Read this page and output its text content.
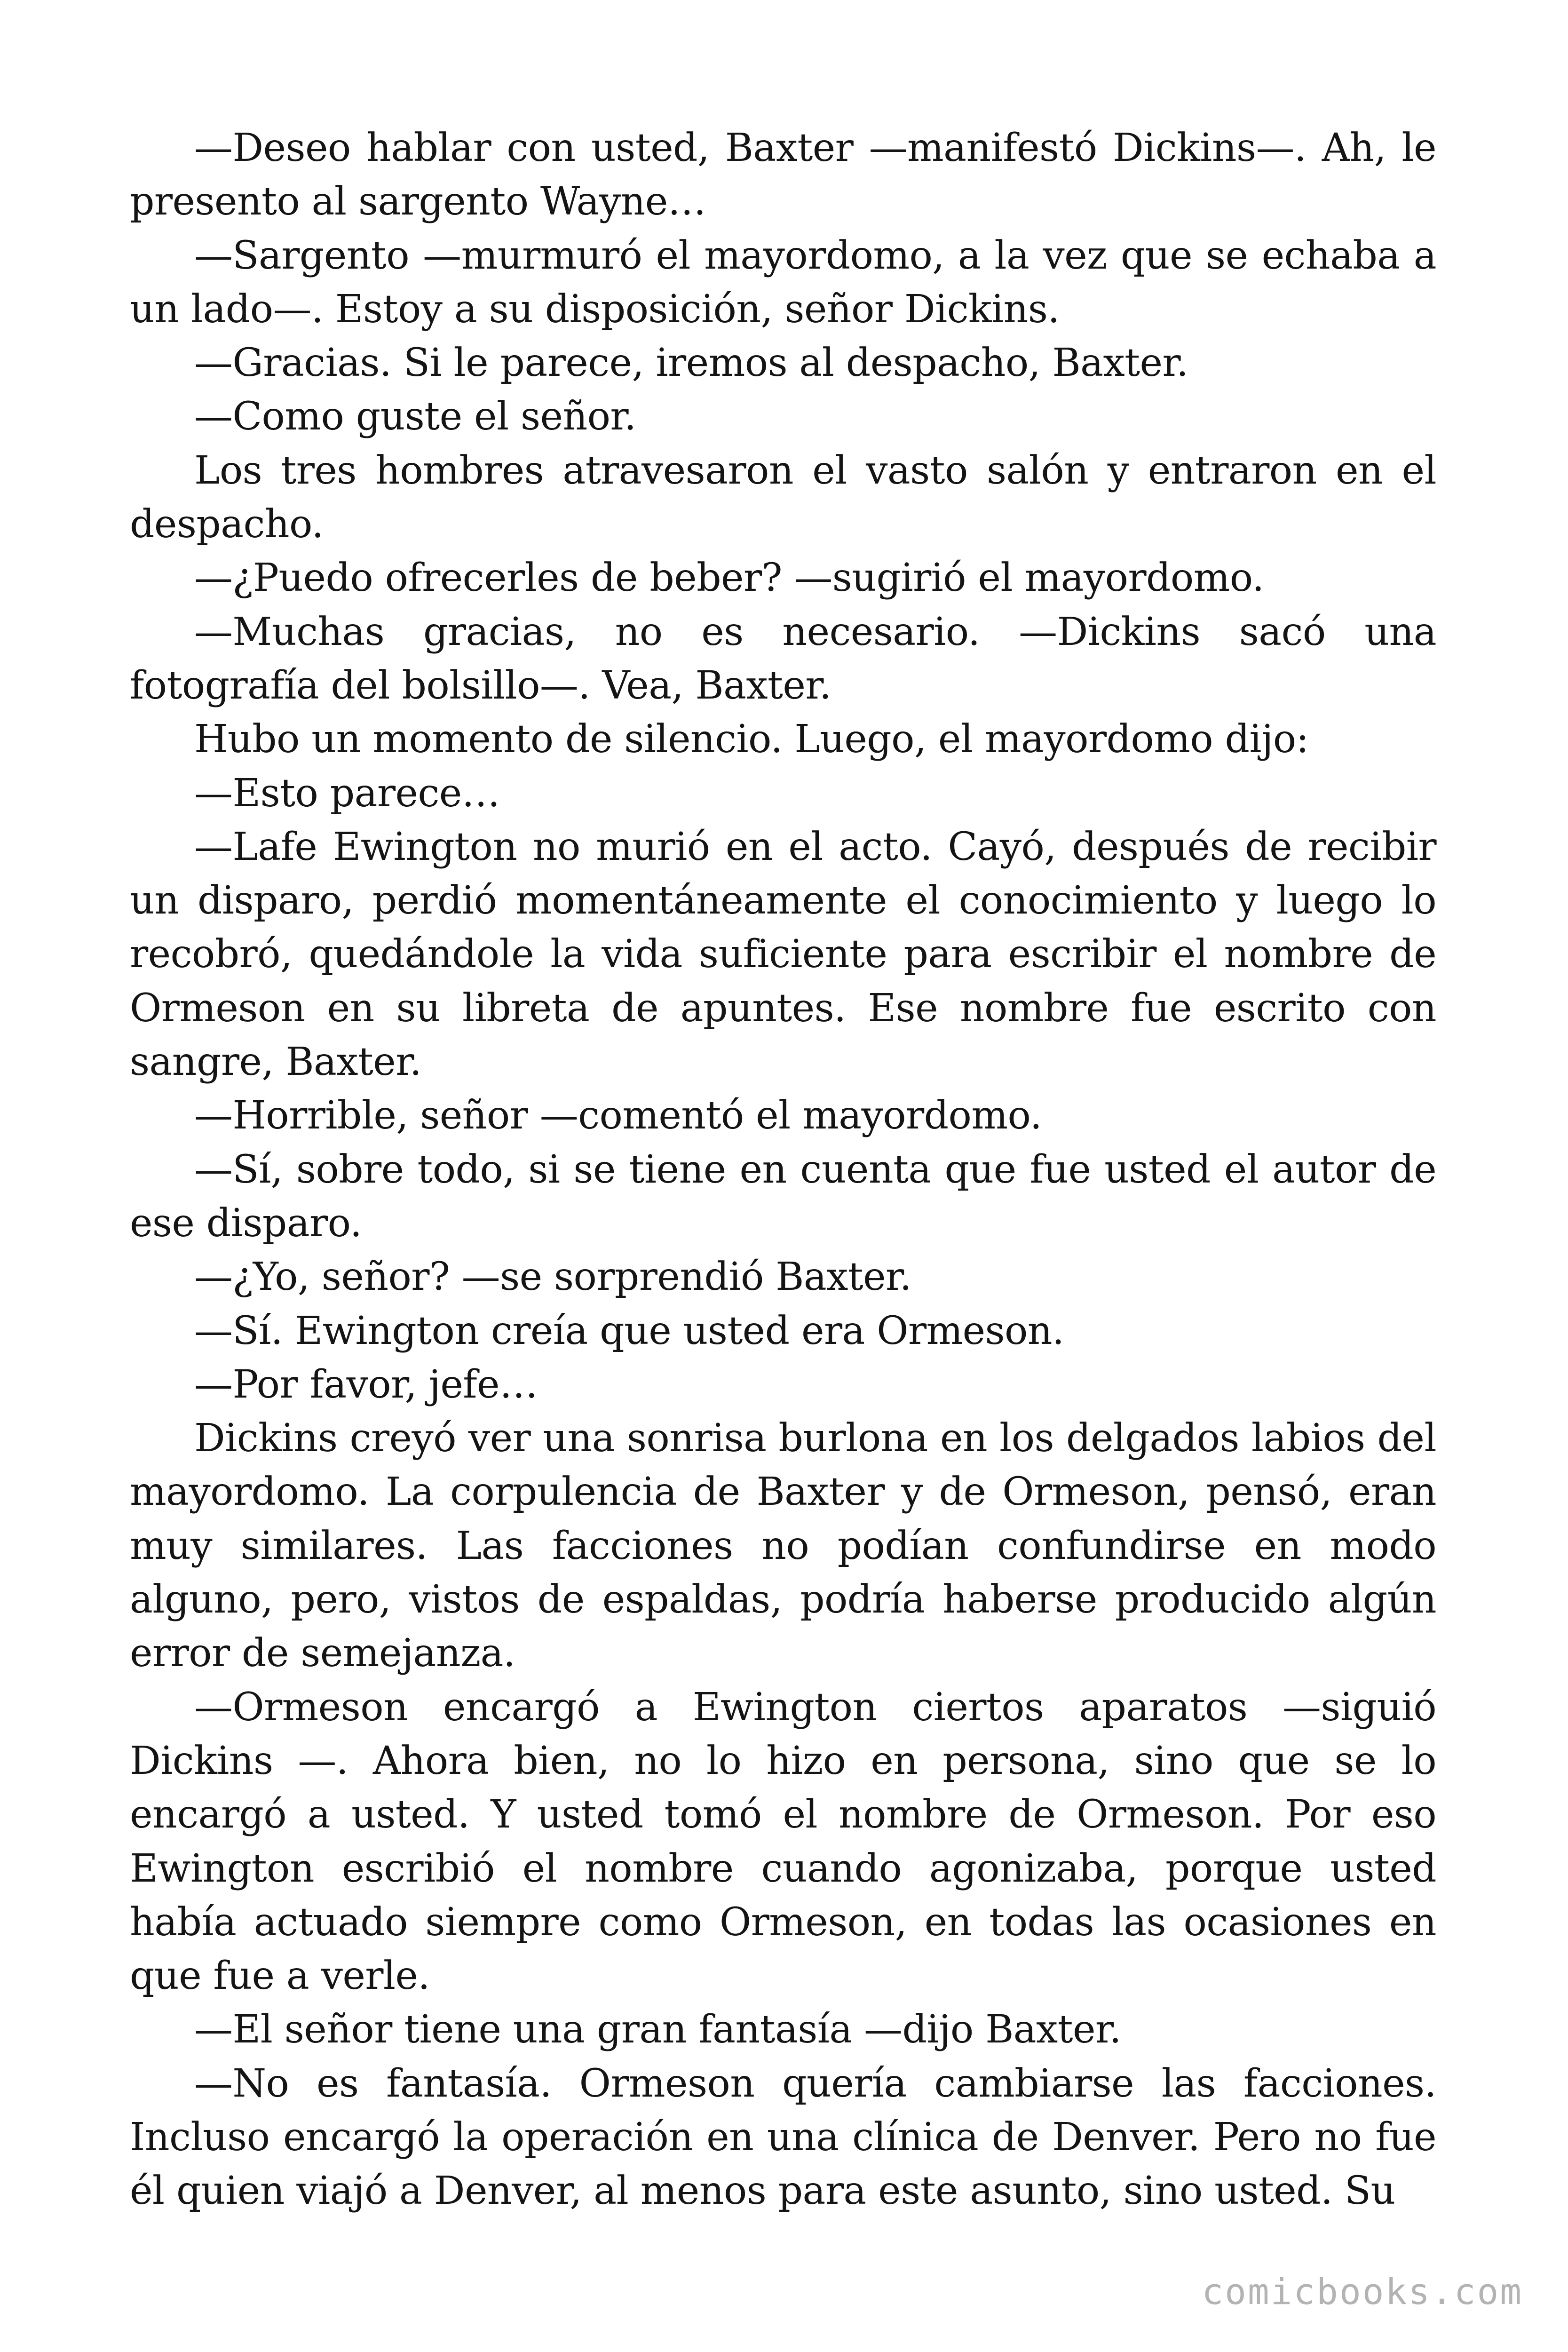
—Deseo hablar con usted, Baxter —manifestó Dickins—. Ah, le presento al sargento Wayne…

—Sargento —murmuró el mayordomo, a la vez que se echaba a un lado—. Estoy a su disposición, señor Dickins.

—Gracias. Si le parece, iremos al despacho, Baxter.

—Como guste el señor.

Los tres hombres atravesaron el vasto salón y entraron en el despacho.

—¿Puedo ofrecerles de beber? —sugirió el mayordomo.

—Muchas gracias, no es necesario. —Dickins sacó una fotografía del bolsillo—. Vea, Baxter.

Hubo un momento de silencio. Luego, el mayordomo dijo:

—Esto parece…

—Lafe Ewington no murió en el acto. Cayó, después de recibir un disparo, perdió momentáneamente el conocimiento y luego lo recobró, quedándole la vida suficiente para escribir el nombre de Ormeson en su libreta de apuntes. Ese nombre fue escrito con sangre, Baxter.

—Horrible, señor —comentó el mayordomo.

—Sí, sobre todo, si se tiene en cuenta que fue usted el autor de ese disparo.

—¿Yo, señor? —se sorprendió Baxter.

—Sí. Ewington creía que usted era Ormeson.

—Por favor, jefe…

Dickins creyó ver una sonrisa burlona en los delgados labios del mayordomo. La corpulencia de Baxter y de Ormeson, pensó, eran muy similares. Las facciones no podían confundirse en modo alguno, pero, vistos de espaldas, podría haberse producido algún error de semejanza.

—Ormeson encargó a Ewington ciertos aparatos —siguió Dickins —. Ahora bien, no lo hizo en persona, sino que se lo encargó a usted. Y usted tomó el nombre de Ormeson. Por eso Ewington escribió el nombre cuando agonizaba, porque usted había actuado siempre como Ormeson, en todas las ocasiones en que fue a verle.

—El señor tiene una gran fantasía —dijo Baxter.

—No es fantasía. Ormeson quería cambiarse las facciones. Incluso encargó la operación en una clínica de Denver. Pero no fue él quien viajó a Denver, al menos para este asunto, sino usted. Su

comicbooks.com
